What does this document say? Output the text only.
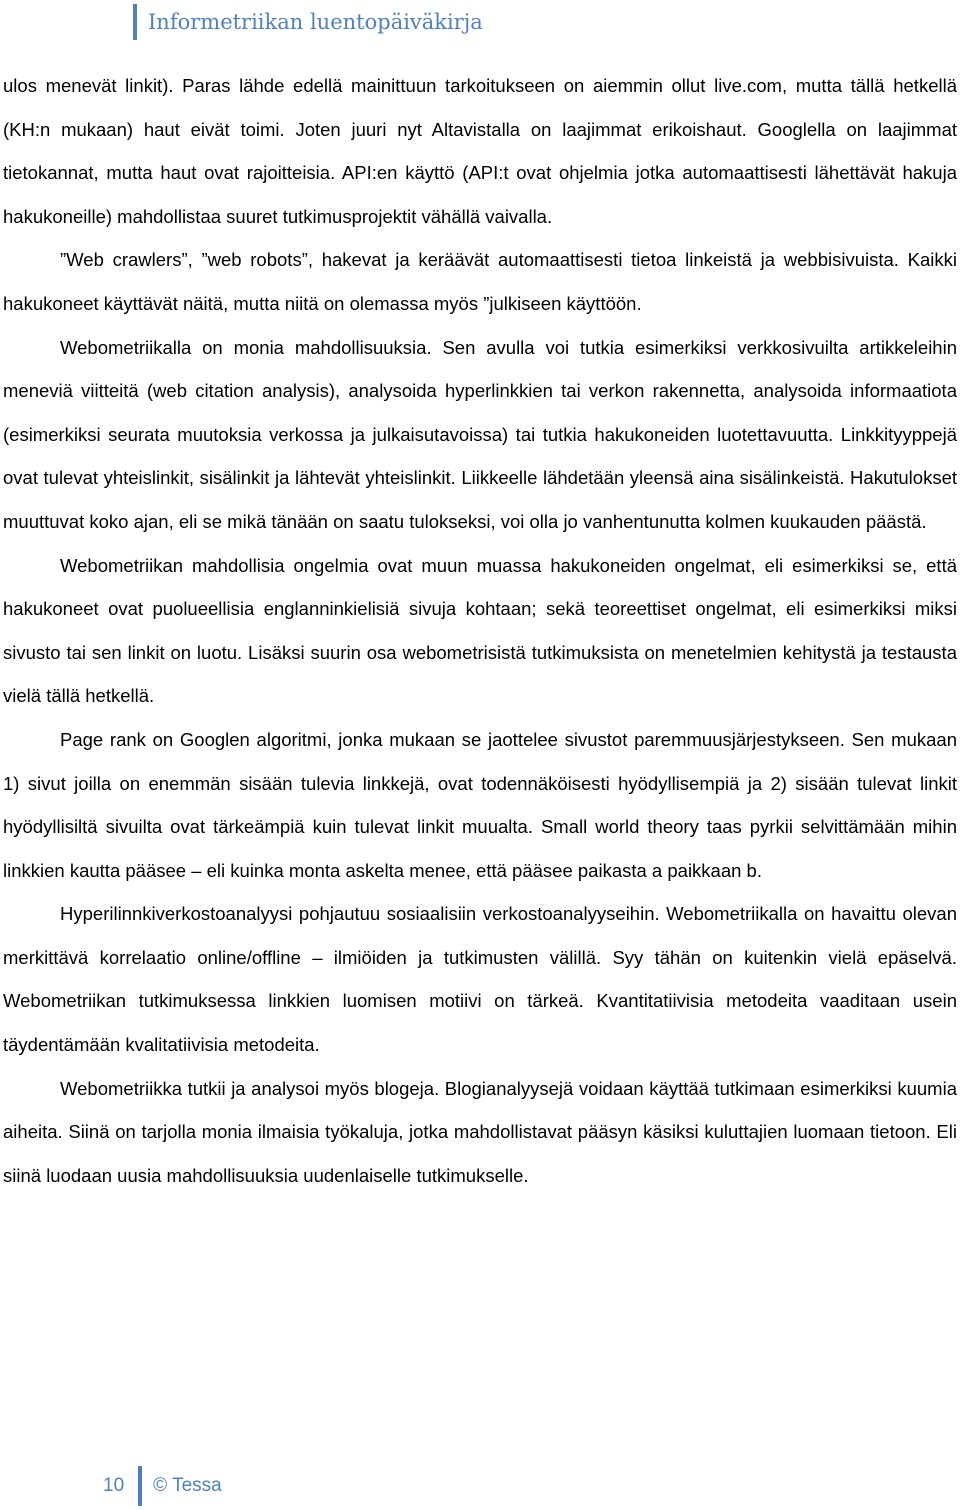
Informetriikan luentopäiväkirja

ulos menevät linkit). Paras lähde edellä mainittuun tarkoitukseen on aiemmin ollut live.com, mutta tällä hetkellä (KH:n mukaan) haut eivät toimi. Joten juuri nyt Altavistalla on laajimmat erikoishaut. Googlella on laajimmat tietokannat, mutta haut ovat rajoitteisia. API:en käyttö (API:t ovat ohjelmia jotka automaattisesti lähettävät hakuja hakukoneille) mahdollistaa suuret tutkimusprojektit vähällä vaivalla.

”Web crawlers”, ”web robots”, hakevat ja keräävät automaattisesti tietoa linkeistä ja webbisivuista. Kaikki hakukoneet käyttävät näitä, mutta niitä on olemassa myös ”julkiseen käyttöön.

Webometriikalla on monia mahdollisuuksia. Sen avulla voi tutkia esimerkiksi verkkosivuilta artikkeleihin meneviä viitteitä (web citation analysis), analysoida hyperlinkkien tai verkon rakennetta, analysoida informaatiota (esimerkiksi seurata muutoksia verkossa ja julkaisutavoissa) tai tutkia hakukoneiden luotettavuutta. Linkkityyppejä ovat tulevat yhteislinkit, sisälinkit ja lähtevät yhteislinkit. Liikkeelle lähdetään yleensä aina sisälinkeistä. Hakutulokset muuttuvat koko ajan, eli se mikä tänään on saatu tulokseksi, voi olla jo vanhentunutta kolmen kuukauden päästä.

Webometriikan mahdollisia ongelmia ovat muun muassa hakukoneiden ongelmat, eli esimerkiksi se, että hakukoneet ovat puolueellisia englanninkielisiä sivuja kohtaan; sekä teoreettiset ongelmat, eli esimerkiksi miksi sivusto tai sen linkit on luotu. Lisäksi suurin osa webometrisistä tutkimuksista on menetelmien kehitystä ja testausta vielä tällä hetkellä.

Page rank on Googlen algoritmi, jonka mukaan se jaottelee sivustot paremmuusjärjestykseen. Sen mukaan 1) sivut joilla on enemmän sisään tulevia linkkejä, ovat todennäköisesti hyödyllisempiä ja 2) sisään tulevat linkit hyödyllisiltä sivuilta ovat tärkeämpiä kuin tulevat linkit muualta. Small world theory taas pyrkii selvittämään mihin linkkien kautta pääsee – eli kuinka monta askelta menee, että pääsee paikasta a paikkaan b.

Hyperilinnkiverkostoanalyysi pohjautuu sosiaalisiin verkostoanalyyseihin. Webometriikalla on havaittu olevan merkittävä korrelaatio online/offline – ilmiöiden ja tutkimusten välillä. Syy tähän on kuitenkin vielä epäselvä. Webometriikan tutkimuksessa linkkien luomisen motiivi on tärkeä. Kvantitatiivisia metodeita vaaditaan usein täydentämään kvalitatiivisia metodeita.

Webometriikka tutkii ja analysoi myös blogeja. Blogianalyysejä voidaan käyttää tutkimaan esimerkiksi kuumia aiheita. Siinä on tarjolla monia ilmaisia työkaluja, jotka mahdollistavat pääsyn käsiksi kuluttajien luomaan tietoon. Eli siinä luodaan uusia mahdollisuuksia uudenlaiselle tutkimukselle.

10 © Tessa
